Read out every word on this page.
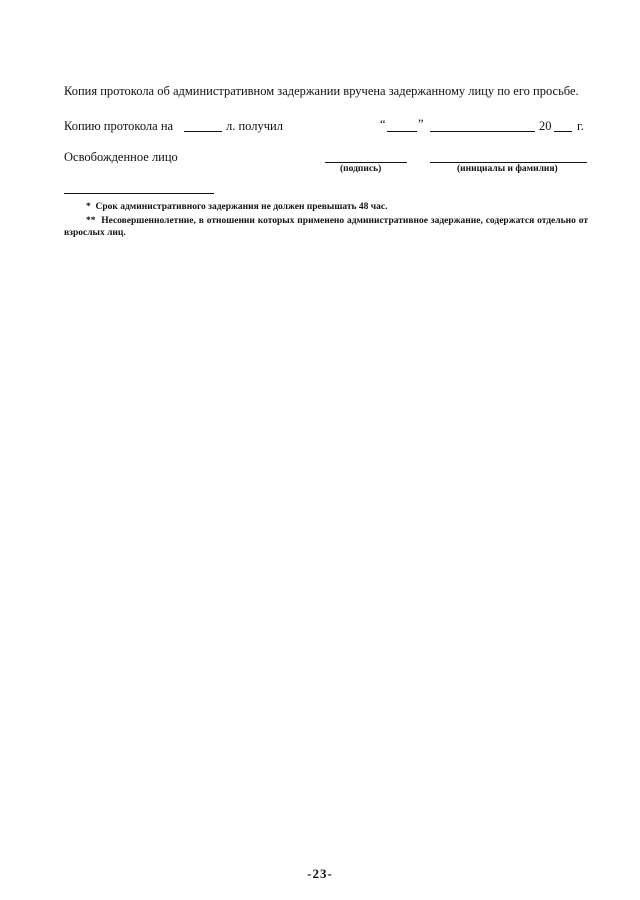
Копия протокола об административном задержании вручена задержанному лицу по его просьбе.
Копию протокола на	л. получил	“	”	20 г.
Освобожденное лицо
(подпись)	(инициалы и фамилия)
* Срок административного задержания не должен превышать 48 час.
** Несовершеннолетние, в отношении которых применено административное задержание, содержатся отдельно от взрослых лиц.
-23-
